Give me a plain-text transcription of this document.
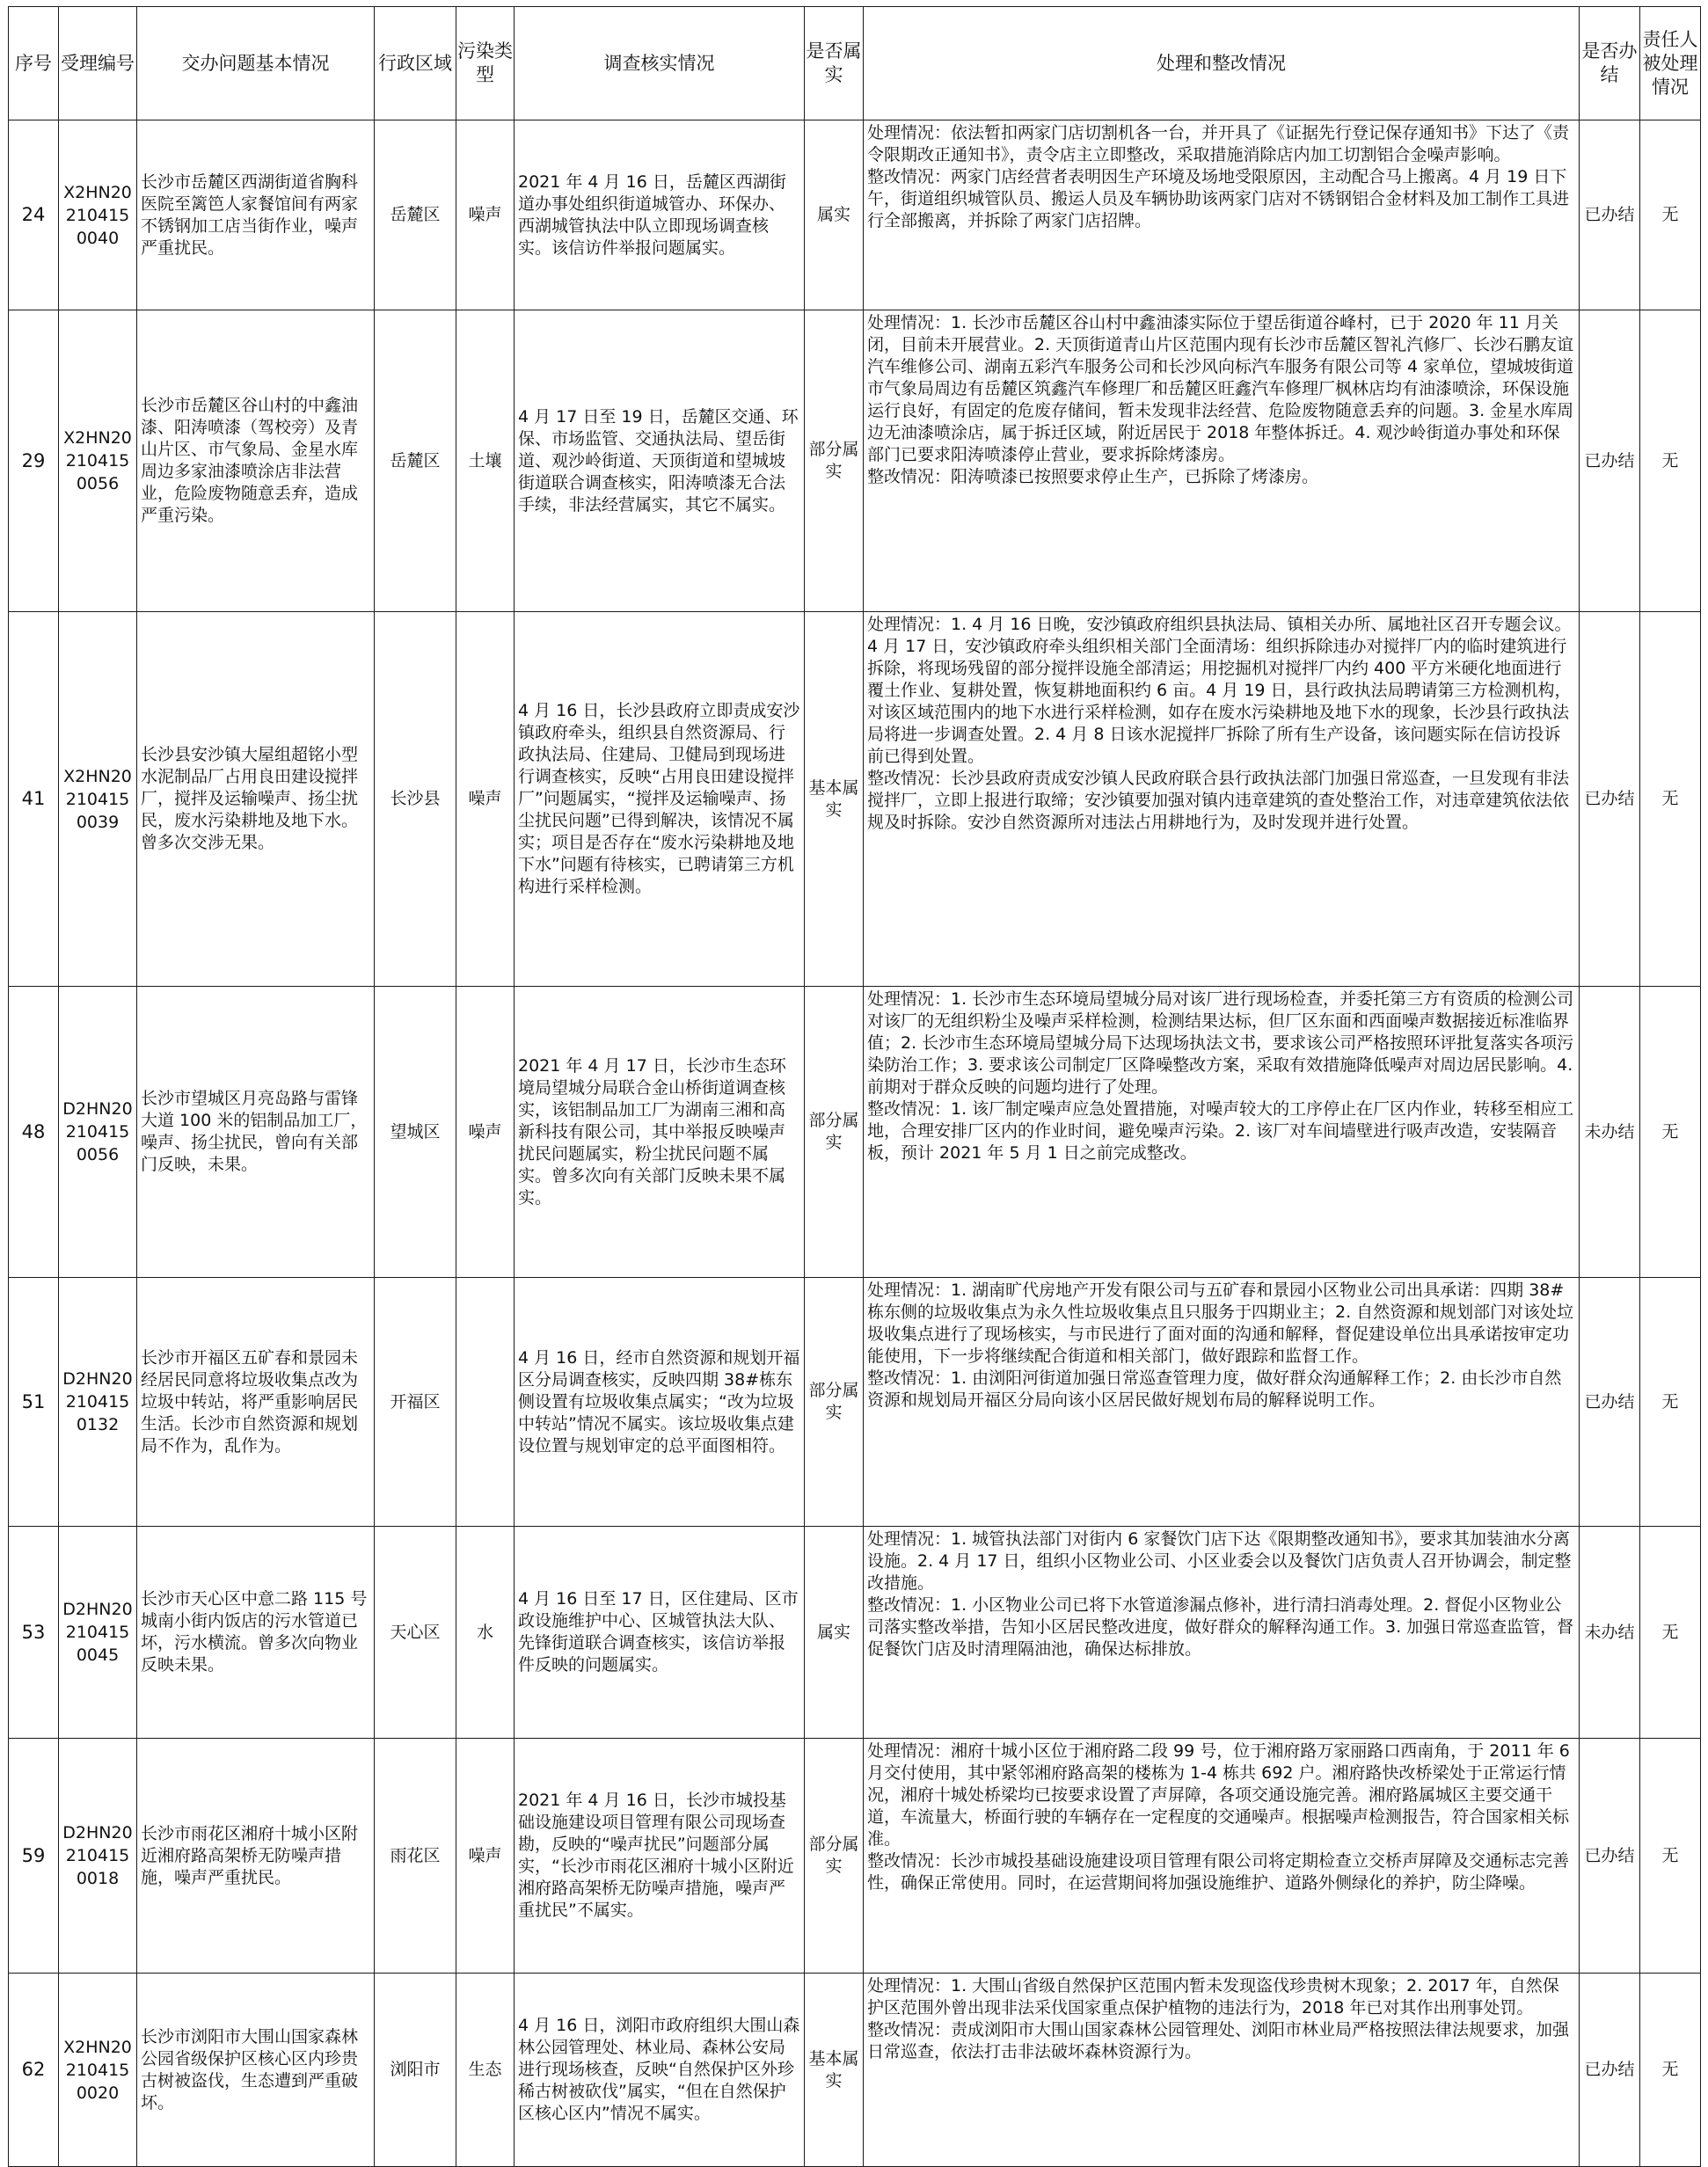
序号	受理编号	交办问题基本情况	行政区域	污染类型	调查核实情况	是否属实	处理和整改情况	是否办结	责任人被处理情况
24	X2HN20210415 0040	长沙市岳麓区西湖街道省胸科医院至篱笆人家餐馆间有两家不锈钢加工店当街作业，噪声严重扰民。	岳麓区	噪声	2021 年 4 月 16 日，岳麓区西湖街道办事处组织街道城管办、环保办、西湖城管执法中队立即现场调查核实。该信访件举报问题属实。	属实	处理情况：依法暂扣两家门店切割机各一台，并开具了《证据先行登记保存通知书》下达了《责令限期改正通知书》，责令店主立即整改，采取措施消除店内加工切割铝合金噪声影响。
整改情况：两家门店经营者表明因生产环境及场地受限原因，主动配合马上搬离。4 月 19 日下午，街道组织城管队员、搬运人员及车辆协助该两家门店对不锈钢铝合金材料及加工制作工具进行全部搬离，并拆除了两家门店招牌。	已办结	无
29	X2HN20210415 0056	长沙市岳麓区谷山村的中鑫油漆、阳涛喷漆（驾校旁）及青山片区、市气象局、金星水库周边多家油漆喷涂店非法营业，危险废物随意丢弃，造成严重污染。	岳麓区	土壤	4 月 17 日至 19 日，岳麓区交通、环保、市场监管、交通执法局、望岳街道、观沙岭街道、天顶街道和望城坡街道联合调查核实，阳涛喷漆无合法手续，非法经营属实，其它不属实。	部分属实	处理情况：1. 长沙市岳麓区谷山村中鑫油漆实际位于望岳街道谷峰村，已于 2020 年 11 月关闭，目前未开展营业。2. 天顶街道青山片区范围内现有长沙市岳麓区智礼汽修厂、长沙石鹏友谊汽车维修公司、湖南五彩汽车服务公司和长沙风向标汽车服务有限公司等 4 家单位，望城坡街道市气象局周边有岳麓区筑鑫汽车修理厂和岳麓区旺鑫汽车修理厂枫林店均有油漆喷涂，环保设施运行良好，有固定的危废存储间，暂未发现非法经营、危险废物随意丢弃的问题。3. 金星水库周边无油漆喷涂店，属于拆迁区域，附近居民于 2018 年整体拆迁。4. 观沙岭街道办事处和环保部门已要求阳涛喷漆停止营业，要求拆除烤漆房。
整改情况：阳涛喷漆已按照要求停止生产，已拆除了烤漆房。	已办结	无
41	X2HN20210415 0039	长沙县安沙镇大屋组超铭小型水泥制品厂占用良田建设搅拌厂，搅拌及运输噪声、扬尘扰民，废水污染耕地及地下水。曾多次交涉无果。	长沙县	噪声	4 月 16 日，长沙县政府立即责成安沙镇政府牵头，组织县自然资源局、行政执法局、住建局、卫健局到现场进行调查核实，反映“占用良田建设搅拌厂”问题属实，“搅拌及运输噪声、扬尘扰民问题”已得到解决，该情况不属实；项目是否存在“废水污染耕地及地下水”问题有待核实，已聘请第三方机构进行采样检测。	基本属实	处理情况：1. 4 月 16 日晚，安沙镇政府组织县执法局、镇相关办所、属地社区召开专题会议。4 月 17 日，安沙镇政府牵头组织相关部门全面清场：组织拆除违办对搅拌厂内的临时建筑进行拆除，将现场残留的部分搅拌设施全部清运；用挖掘机对搅拌厂内约 400 平方米硬化地面进行覆土作业、复耕处置，恢复耕地面积约 6 亩。4 月 19 日，县行政执法局聘请第三方检测机构，对该区域范围内的地下水进行采样检测，如存在废水污染耕地及地下水的现象，长沙县行政执法局将进一步调查处置。2. 4 月 8 日该水泥搅拌厂拆除了所有生产设备，该问题实际在信访投诉前已得到处置。
整改情况：长沙县政府责成安沙镇人民政府联合县行政执法部门加强日常巡查，一旦发现有非法搅拌厂，立即上报进行取缔；安沙镇要加强对镇内违章建筑的查处整治工作，对违章建筑依法依规及时拆除。安沙自然资源所对违法占用耕地行为，及时发现并进行处置。	已办结	无
48	D2HN20210415 0056	长沙市望城区月亮岛路与雷锋大道 100 米的铝制品加工厂，噪声、扬尘扰民，曾向有关部门反映，未果。	望城区	噪声	2021 年 4 月 17 日，长沙市生态环境局望城分局联合金山桥街道调查核实，该铝制品加工厂为湖南三湘和高新科技有限公司，其中举报反映噪声扰民问题属实，粉尘扰民问题不属实。曾多次向有关部门反映未果不属实。	部分属实	处理情况：1. 长沙市生态环境局望城分局对该厂进行现场检查，并委托第三方有资质的检测公司对该厂的无组织粉尘及噪声采样检测，检测结果达标，但厂区东面和西面噪声数据接近标准临界值；2. 长沙市生态环境局望城分局下达现场执法文书，要求该公司严格按照环评批复落实各项污染防治工作；3. 要求该公司制定厂区降噪整改方案，采取有效措施降低噪声对周边居民影响。4. 前期对于群众反映的问题均进行了处理。
整改情况：1. 该厂制定噪声应急处置措施，对噪声较大的工序停止在厂区内作业，转移至相应工地，合理安排厂区内的作业时间，避免噪声污染。2. 该厂对车间墙壁进行吸声改造，安装隔音板，预计 2021 年 5 月 1 日之前完成整改。	未办结	无
51	D2HN20210415 0132	长沙市开福区五矿春和景园未经居民同意将垃圾收集点改为垃圾中转站，将严重影响居民生活。长沙市自然资源和规划局不作为，乱作为。	开福区		4 月 16 日，经市自然资源和规划开福区分局调查核实，反映四期 38#栋东侧设置有垃圾收集点属实；“改为垃圾中转站”情况不属实。该垃圾收集点建设位置与规划审定的总平面图相符。	部分属实	处理情况：1. 湖南旷代房地产开发有限公司与五矿春和景园小区物业公司出具承诺：四期 38#栋东侧的垃圾收集点为永久性垃圾收集点且只服务于四期业主；2. 自然资源和规划部门对该处垃圾收集点进行了现场核实，与市民进行了面对面的沟通和解释，督促建设单位出具承诺按审定功能使用，下一步将继续配合街道和相关部门，做好跟踪和监督工作。
整改情况：1. 由浏阳河街道加强日常巡查管理力度，做好群众沟通解释工作；2. 由长沙市自然资源和规划局开福区分局向该小区居民做好规划布局的解释说明工作。	已办结	无
53	D2HN20210415 0045	长沙市天心区中意二路 115 号城南小街内饭店的污水管道已坏，污水横流。曾多次向物业反映未果。	天心区	水	4 月 16 日至 17 日，区住建局、区市政设施维护中心、区城管执法大队、先锋街道联合调查核实，该信访举报件反映的问题属实。	属实	处理情况：1. 城管执法部门对街内 6 家餐饮门店下达《限期整改通知书》，要求其加装油水分离设施。2. 4 月 17 日，组织小区物业公司、小区业委会以及餐饮门店负责人召开协调会，制定整改措施。
整改情况：1. 小区物业公司已将下水管道渗漏点修补，进行清扫消毒处理。2. 督促小区物业公司落实整改举措，告知小区居民整改进度，做好群众的解释沟通工作。3. 加强日常巡查监管，督促餐饮门店及时清理隔油池，确保达标排放。	未办结	无
59	D2HN20210415 0018	长沙市雨花区湘府十城小区附近湘府路高架桥无防噪声措施，噪声严重扰民。	雨花区	噪声	2021 年 4 月 16 日，长沙市城投基础设施建设项目管理有限公司现场查勘，反映的“噪声扰民”问题部分属实，“长沙市雨花区湘府十城小区附近湘府路高架桥无防噪声措施，噪声严重扰民”不属实。	部分属实	处理情况：湘府十城小区位于湘府路二段 99 号，位于湘府路万家丽路口西南角，于 2011 年 6 月交付使用，其中紧邻湘府路高架的楼栋为 1-4 栋共 692 户。湘府路快改桥梁处于正常运行情况，湘府十城处桥梁均已按要求设置了声屏障，各项交通设施完善。湘府路属城区主要交通干道，车流量大，桥面行驶的车辆存在一定程度的交通噪声。根据噪声检测报告，符合国家相关标准。
整改情况：长沙市城投基础设施建设项目管理有限公司将定期检查立交桥声屏障及交通标志完善性，确保正常使用。同时，在运营期间将加强设施维护、道路外侧绿化的养护，防尘降噪。	已办结	无
62	X2HN20210415 0020	长沙市浏阳市大围山国家森林公园省级保护区核心区内珍贵古树被盗伐，生态遭到严重破坏。	浏阳市	生态	4 月 16 日，浏阳市政府组织大围山森林公园管理处、林业局、森林公安局进行现场核查，反映“自然保护区外珍稀古树被砍伐”属实，“但在自然保护区核心区内”情况不属实。	基本属实	处理情况：1. 大围山省级自然保护区范围内暂未发现盗伐珍贵树木现象；2. 2017 年，自然保护区范围外曾出现非法采伐国家重点保护植物的违法行为，2018 年已对其作出刑事处罚。
整改情况：责成浏阳市大围山国家森林公园管理处、浏阳市林业局严格按照法律法规要求，加强日常巡查，依法打击非法破坏森林资源行为。	已办结	无
